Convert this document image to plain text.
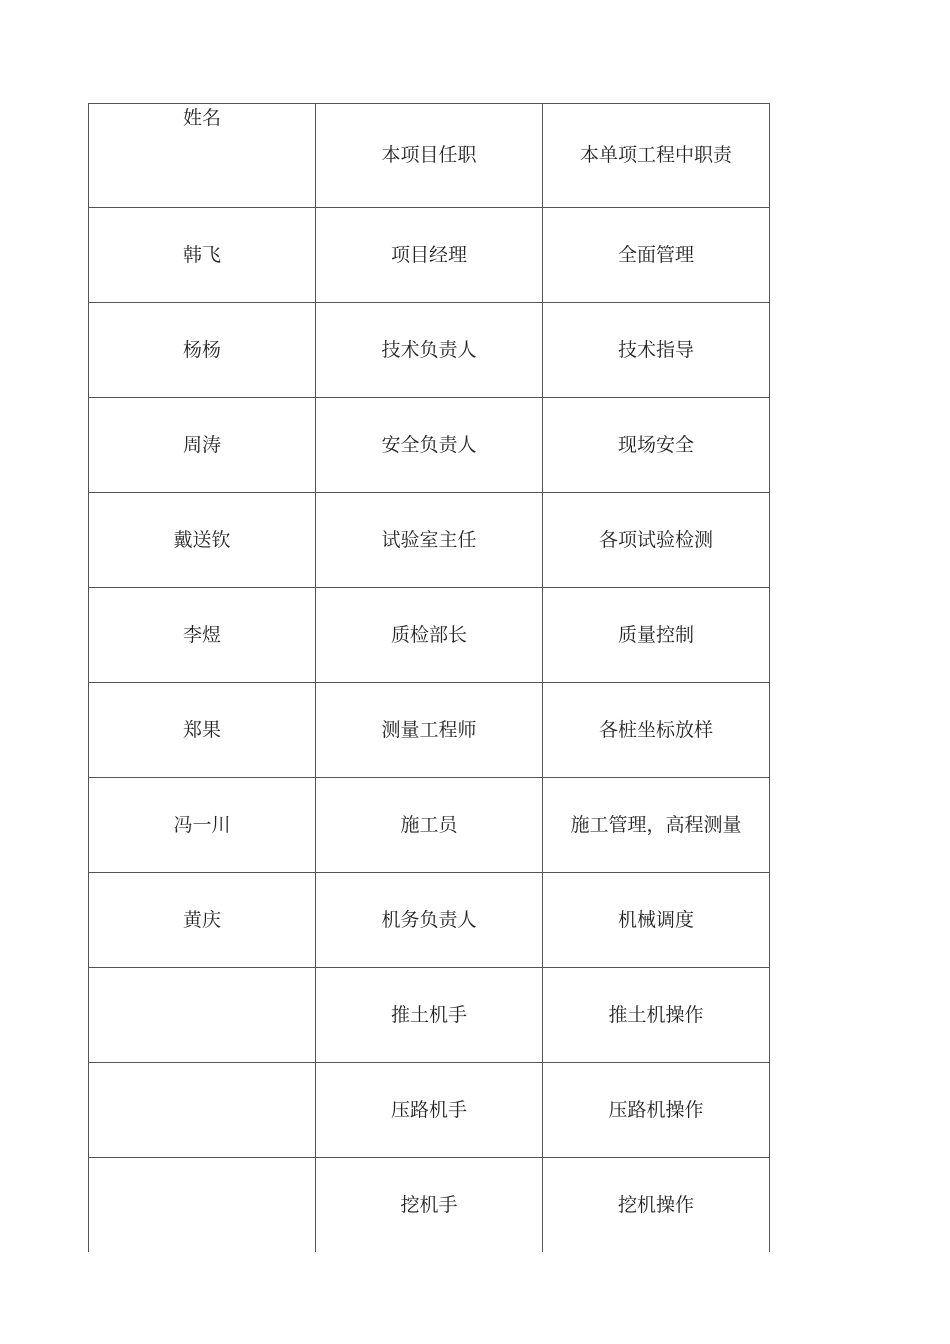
姓名	本项目任职	本单项工程中职责
韩飞	项目经理	全面管理
杨杨	技术负责人	技术指导
周涛	安全负责人	现场安全
戴送钦	试验室主任	各项试验检测
李煜	质检部长	质量控制
郑果	测量工程师	各桩坐标放样
冯一川	施工员	施工管理，高程测量
黄庆	机务负责人	机械调度
	推土机手	推土机操作
	压路机手	压路机操作
	挖机手	挖机操作
